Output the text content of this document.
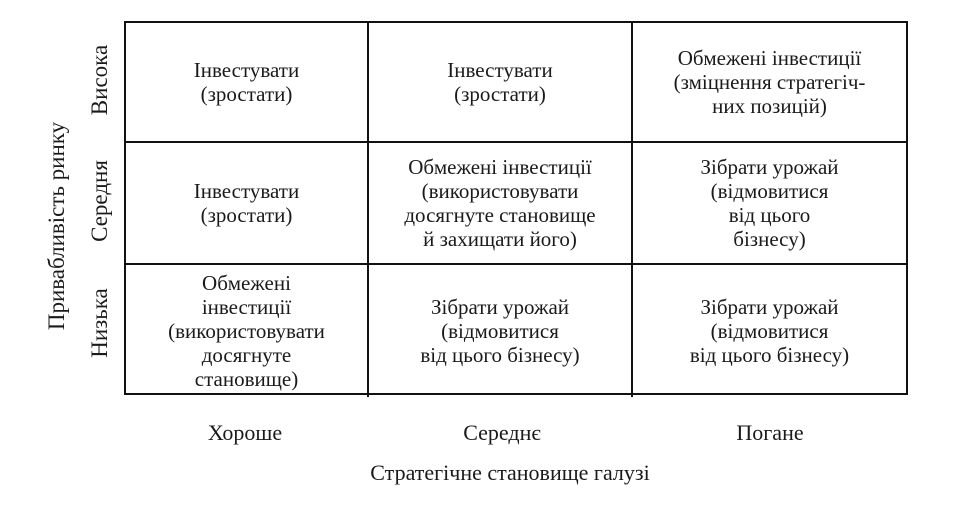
Привабливість ринку
Висока
Середня
Низька
Інвестувати
(зростати)
Інвестувати
(зростати)
Обмежені інвестиції
(зміцнення стратегіч-
них позицій)
Інвестувати
(зростати)
Обмежені інвестиції
(використовувати
досягнуте становище
й захищати його)
Зібрати урожай
(відмовитися
від цього
бізнесу)
Обмежені
інвестиції
(використовувати
досягнуте
становище)
Зібрати урожай
(відмовитися
від цього бізнесу)
Зібрати урожай
(відмовитися
від цього бізнесу)
Хороше	Середнє	Погане
Стратегічне становище галузі
